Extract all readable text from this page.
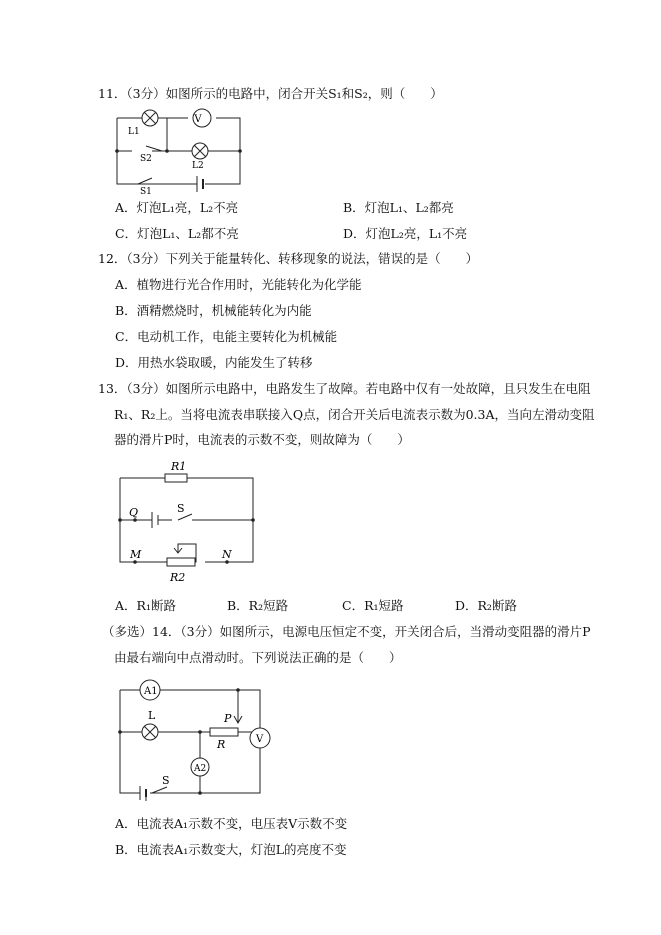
11．（3分）如图所示的电路中，闭合开关S₁和S₂，则（　　）
L1
V
S2
L2
S1
A．灯泡L₁亮，L₂不亮	B．灯泡L₁、L₂都亮
C．灯泡L₁、L₂都不亮	D．灯泡L₂亮，L₁不亮
12．（3分）下列关于能量转化、转移现象的说法，错误的是（　　）
A．植物进行光合作用时，光能转化为化学能
B．酒精燃烧时，机械能转化为内能
C．电动机工作，电能主要转化为机械能
D．用热水袋取暖，内能发生了转移
13．（3分）如图所示电路中，电路发生了故障。若电路中仅有一处故障，且只发生在电阻
R₁、R₂上。当将电流表串联接入Q点，闭合开关后电流表示数为0.3A，当向左滑动变阻
器的滑片P时，电流表的示数不变，则故障为（　　）
R1
Q	S
M	N
R2
A．R₁断路	B．R₂短路	C．R₁短路	D．R₂断路
（多选）14．（3分）如图所示，电源电压恒定不变，开关闭合后，当滑动变阻器的滑片P
由最右端向中点滑动时。下列说法正确的是（　　）
A1
L	P
R	V
A2
S
A．电流表A₁示数不变，电压表V示数不变
B．电流表A₁示数变大，灯泡L的亮度不变
